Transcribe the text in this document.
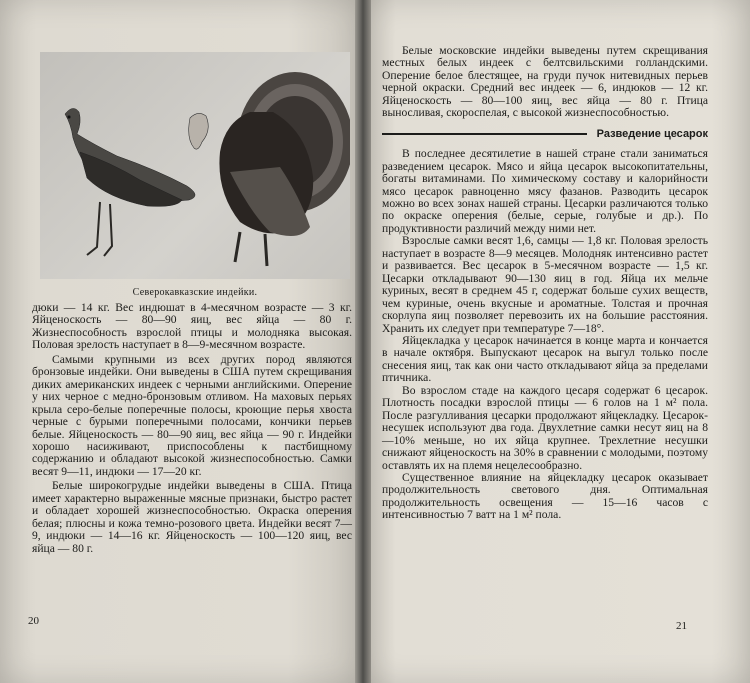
Северокавказские индейки.

дюки — 14 кг. Вес индюшат в 4-месячном возрасте — 3 кг. Яйценоскость — 80—90 яиц, вес яйца — 80 г. Жизнеспособность взрослой птицы и молодняка высокая. Половая зрелость наступает в 8—9-месячном возрасте.

Самыми крупными из всех других пород являются бронзовые индейки. Они выведены в США путем скрещивания диких американских индеек с черными английскими. Оперение у них черное с медно-бронзовым отливом. На маховых перьях крыла серо-белые поперечные полосы, кроющие перья хвоста черные с бурыми поперечными полосами, кончики перьев белые. Яйценоскость — 80—90 яиц, вес яйца — 90 г. Индейки хорошо насиживают, приспособлены к пастбищному содержанию и обладают высокой жизнеспособностью. Самки весят 9—11, индюки — 17—20 кг.

Белые широкогрудые индейки выведены в США. Птица имеет характерно выраженные мясные признаки, быстро растет и обладает хорошей жизнеспособностью. Окраска оперения белая; плюсны и кожа темно-розового цвета. Индейки весят 7—9, индюки — 14—16 кг. Яйценоскость — 100—120 яиц, вес яйца — 80 г.

20

Белые московские индейки выведены путем скрещивания местных белых индеек с белтсвильскими голландскими. Оперение белое блестящее, на груди пучок нитевидных перьев черной окраски. Средний вес индеек — 6, индюков — 12 кг. Яйценоскость — 80—100 яиц, вес яйца — 80 г. Птица выносливая, скороспелая, с высокой жизнеспособностью.

Разведение цесарок

В последнее десятилетие в нашей стране стали заниматься разведением цесарок. Мясо и яйца цесарок высокопитательны, богаты витаминами. По химическому составу и калорийности мясо цесарок равноценно мясу фазанов. Разводить цесарок можно во всех зонах нашей страны. Цесарки различаются только по окраске оперения (белые, серые, голубые и др.). По продуктивности различий между ними нет.

Взрослые самки весят 1,6, самцы — 1,8 кг. Половая зрелость наступает в возрасте 8—9 месяцев. Молодняк интенсивно растет и развивается. Вес цесарок в 5-месячном возрасте — 1,5 кг. Цесарки откладывают 90—130 яиц в год. Яйца их мельче куриных, весят в среднем 45 г, содержат больше сухих веществ, чем куриные, очень вкусные и ароматные. Толстая и прочная скорлупа яиц позволяет перевозить их на большие расстояния. Хранить их следует при температуре 7—18°.

Яйцекладка у цесарок начинается в конце марта и кончается в начале октября. Выпускают цесарок на выгул только после снесения яиц, так как они часто откладывают яйца за пределами птичника.

Во взрослом стаде на каждого цесаря содержат 6 цесарок. Плотность посадки взрослой птицы — 6 голов на 1 м² пола. После разгулливания цесарки продолжают яйцекладку. Цесарок-несушек используют два года. Двухлетние самки несут яиц на 8—10% меньше, но их яйца крупнее. Трехлетние несушки снижают яйценоскость на 30% в сравнении с молодыми, поэтому оставлять их на племя нецелесообразно.

Существенное влияние на яйцекладку цесарок оказывает продолжительность светового дня. Оптимальная продолжительность освещения — 15—16 часов с интенсивностью 7 ватт на 1 м² пола.

21
